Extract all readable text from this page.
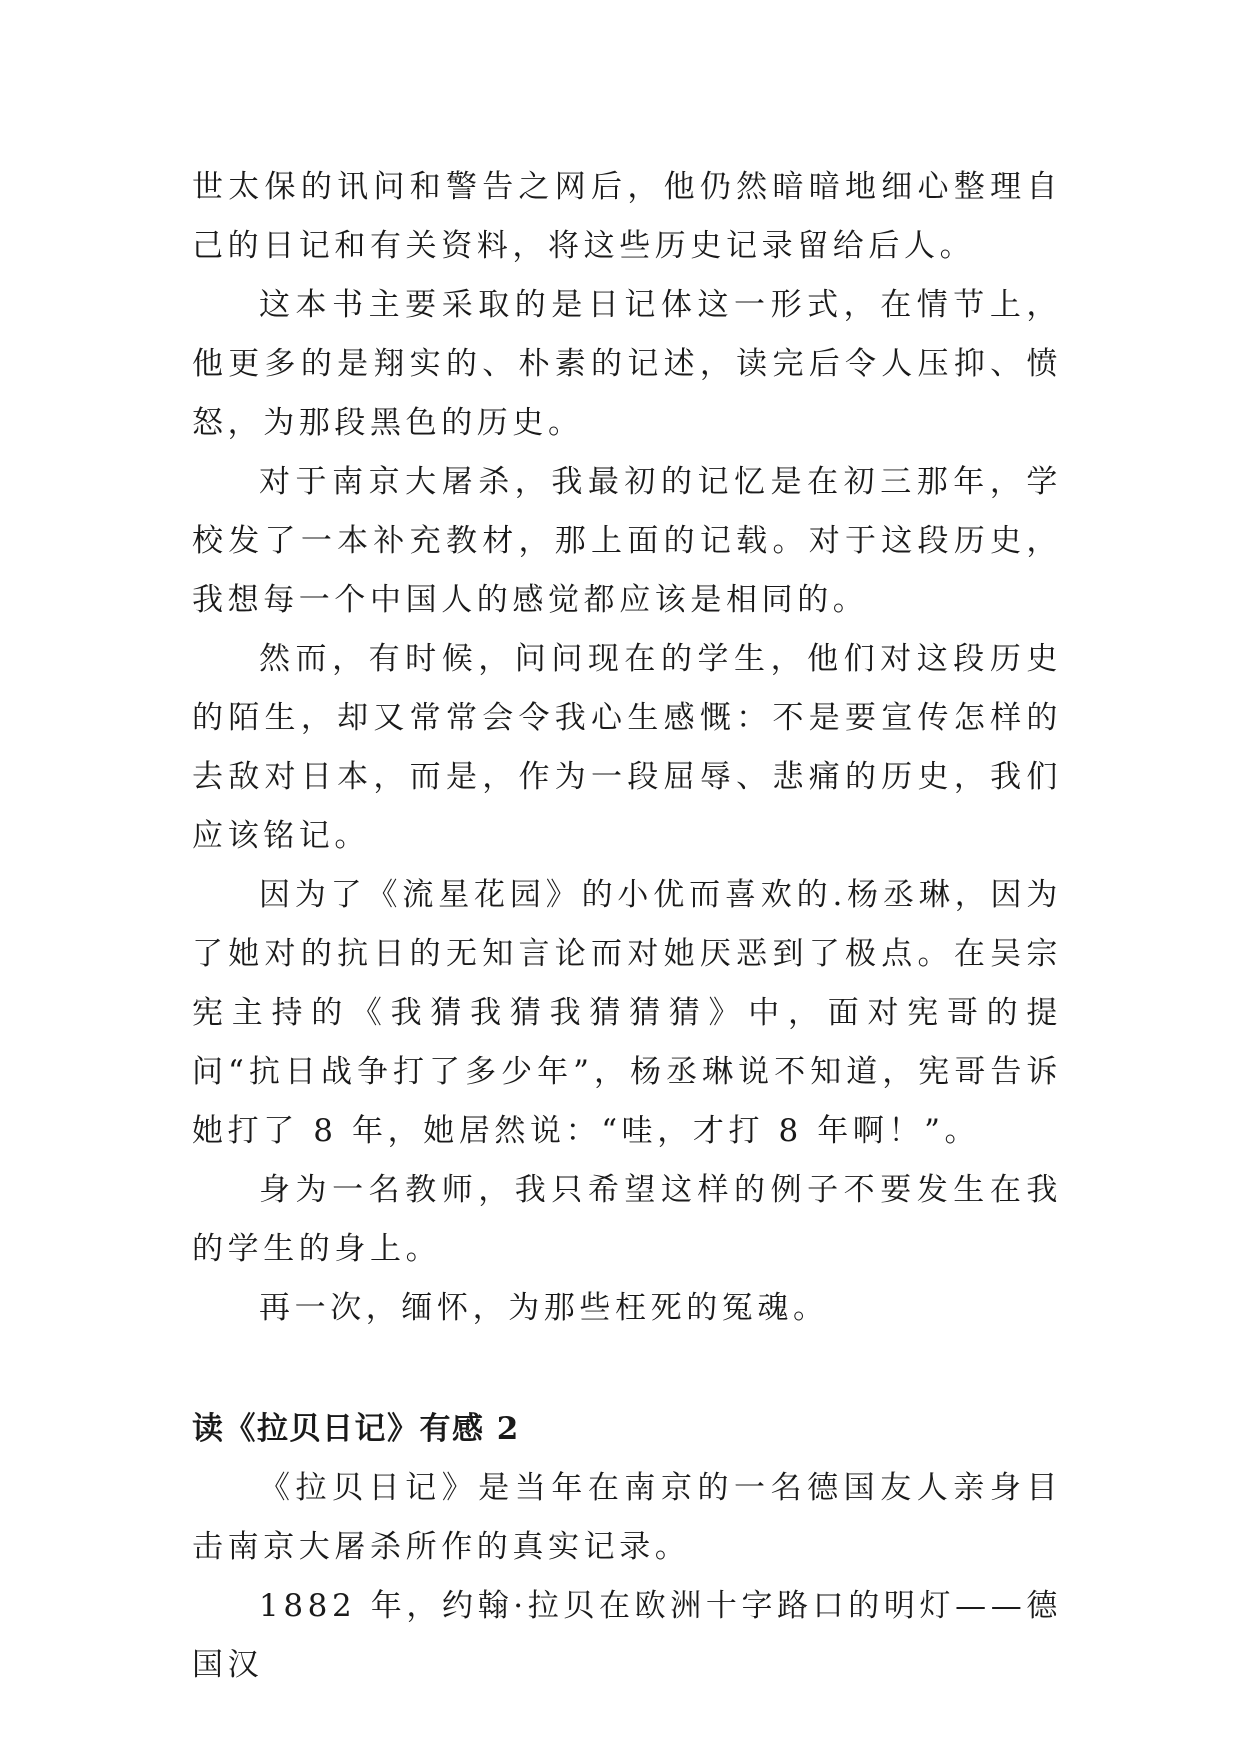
世太保的讯问和警告之网后，他仍然暗暗地细心整理自己的日记和有关资料，将这些历史记录留给后人。

这本书主要采取的是日记体这一形式，在情节上，他更多的是翔实的、朴素的记述，读完后令人压抑、愤怒，为那段黑色的历史。

对于南京大屠杀，我最初的记忆是在初三那年，学校发了一本补充教材，那上面的记载。对于这段历史，我想每一个中国人的感觉都应该是相同的。

然而，有时候，问问现在的学生，他们对这段历史的陌生，却又常常会令我心生感慨：不是要宣传怎样的去敌对日本，而是，作为一段屈辱、悲痛的历史，我们应该铭记。

因为了《流星花园》的小优而喜欢的.杨丞琳，因为了她对的抗日的无知言论而对她厌恶到了极点。在吴宗宪主持的《我猜我猜我猜猜猜》中，面对宪哥的提问“抗日战争打了多少年”，杨丞琳说不知道，宪哥告诉她打了 8 年，她居然说：“哇，才打 8 年啊！”。

身为一名教师，我只希望这样的例子不要发生在我的学生的身上。

再一次，缅怀，为那些枉死的冤魂。

读《拉贝日记》有感 2

《拉贝日记》是当年在南京的一名德国友人亲身目击南京大屠杀所作的真实记录。

1882 年，约翰·拉贝在欧洲十字路口的明灯——德国汉
